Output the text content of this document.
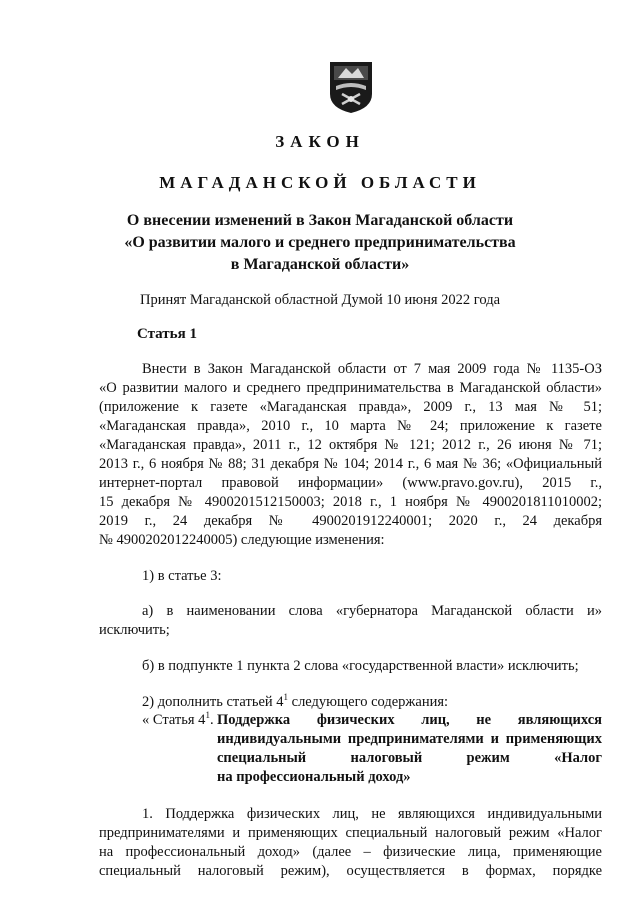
ЗАКОН
МАГАДАНСКОЙ ОБЛАСТИ
О внесении изменений в Закон Магаданской области
«О развитии малого и среднего предпринимательства
в Магаданской области»
Принят Магаданской областной Думой 10 июня 2022 года
Статья 1
Внести в Закон Магаданской области от 7 мая 2009 года № 1135-ОЗ
«О развитии малого и среднего предпринимательства в Магаданской области»
(приложение к газете «Магаданская правда», 2009 г., 13 мая № 51;
«Магаданская правда», 2010 г., 10 марта № 24; приложение к газете
«Магаданская правда», 2011 г., 12 октября № 121; 2012 г., 26 июня № 71;
2013 г., 6 ноября № 88; 31 декабря № 104; 2014 г., 6 мая № 36; «Официальный
интернет-портал правовой информации» (www.pravo.gov.ru), 2015 г.,
15 декабря № 4900201512150003; 2018 г., 1 ноября № 4900201811010002;
2019 г., 24 декабря № 4900201912240001; 2020 г., 24 декабря
№ 4900202012240005) следующие изменения:
1) в статье 3:
а) в наименовании слова «губернатора Магаданской области и»
исключить;
б) в подпункте 1 пункта 2 слова «государственной власти» исключить;
2) дополнить статьей $4^1$ следующего содержания:
« Статья $4^1$. Поддержка физических лиц, не являющихся
индивидуальными предпринимателями и применяющих
специальный налоговый режим «Налог
на профессиональный доход»
1. Поддержка физических лиц, не являющихся индивидуальными
предпринимателями и применяющих специальный налоговый режим «Налог
на профессиональный доход» (далее – физические лица, применяющие
специальный налоговый режим), осуществляется в формах, порядке
